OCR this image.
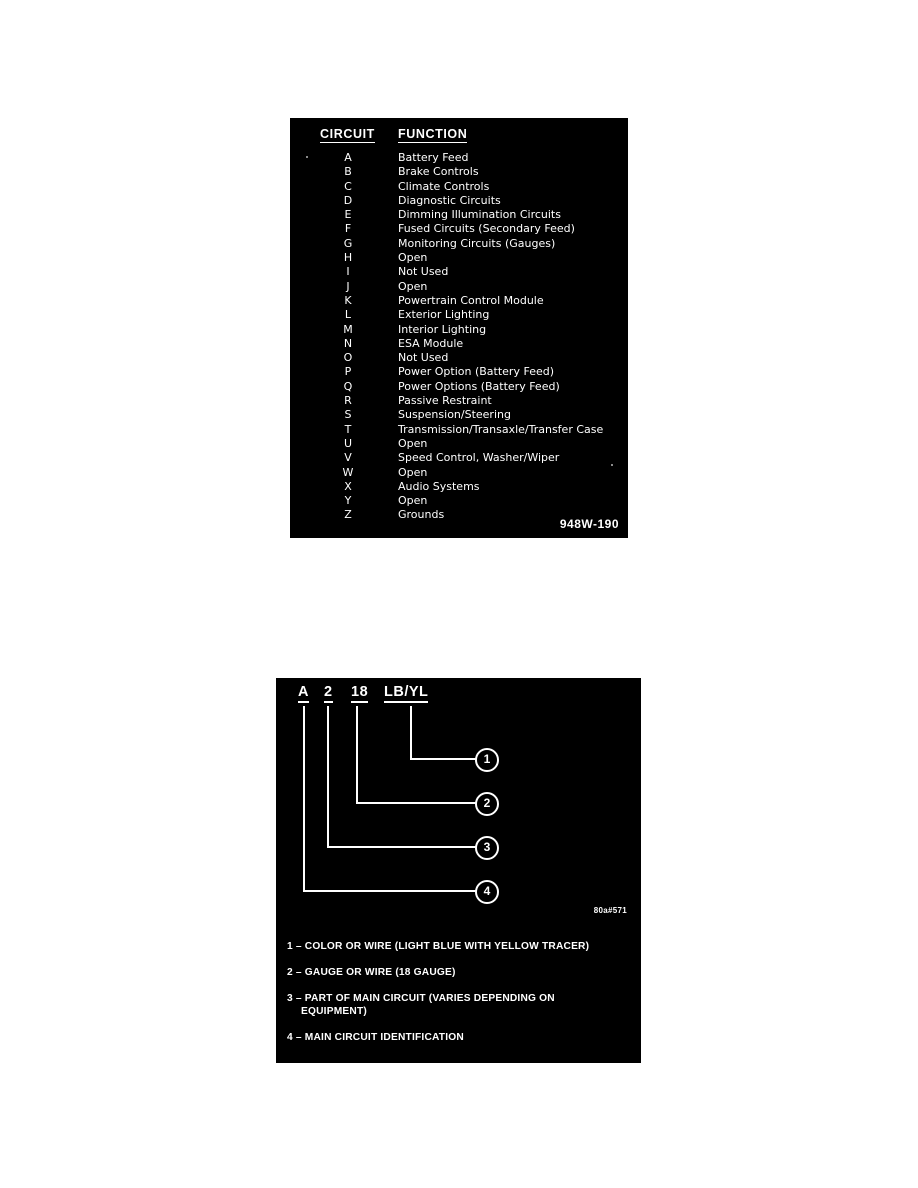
CIRCUIT FUNCTION
A	Battery Feed
B	Brake Controls
C	Climate Controls
D	Diagnostic Circuits
E	Dimming Illumination Circuits
F	Fused Circuits (Secondary Feed)
G	Monitoring Circuits (Gauges)
H	Open
I	Not Used
J	Open
K	Powertrain Control Module
L	Exterior Lighting
M	Interior Lighting
N	ESA Module
O	Not Used
P	Power Option (Battery Feed)
Q	Power Options (Battery Feed)
R	Passive Restraint
S	Suspension/Steering
T	Transmission/Transaxle/Transfer Case
U	Open
V	Speed Control, Washer/Wiper
W	Open
X	Audio Systems
Y	Open
Z	Grounds
948W-190
A 2 18 LB/YL
1
2
3
4
80a#571
1 – COLOR OR WIRE (LIGHT BLUE WITH YELLOW TRACER)
2 – GAUGE OR WIRE (18 GAUGE)
3 – PART OF MAIN CIRCUIT (VARIES DEPENDING ON
EQUIPMENT)
4 – MAIN CIRCUIT IDENTIFICATION
